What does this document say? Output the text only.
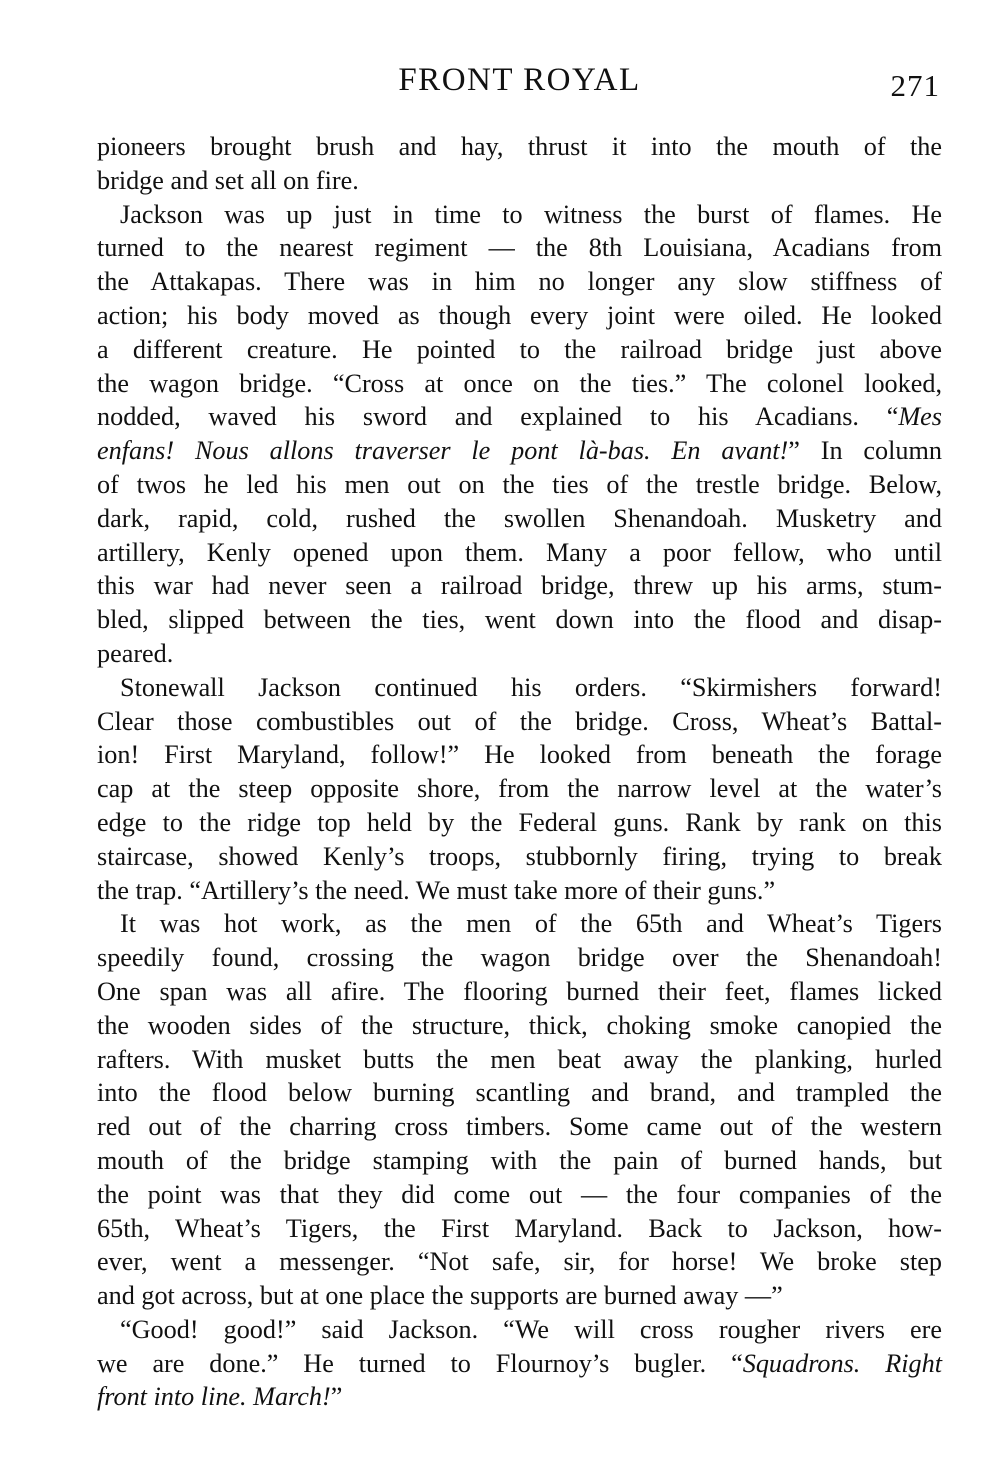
FRONT ROYAL	271

pioneers brought brush and hay, thrust it into the mouth of the
bridge and set all on fire.

Jackson was up just in time to witness the burst of flames. He
turned to the nearest regiment — the 8th Louisiana, Acadians from
the Attakapas. There was in him no longer any slow stiffness of
action; his body moved as though every joint were oiled. He looked
a different creature. He pointed to the railroad bridge just above
the wagon bridge. “Cross at once on the ties.” The colonel looked,
nodded, waved his sword and explained to his Acadians. “Mes
enfans! Nous allons traverser le pont là-bas. En avant!” In column
of twos he led his men out on the ties of the trestle bridge. Below,
dark, rapid, cold, rushed the swollen Shenandoah. Musketry and
artillery, Kenly opened upon them. Many a poor fellow, who until
this war had never seen a railroad bridge, threw up his arms, stum-
bled, slipped between the ties, went down into the flood and disap-
peared.

Stonewall Jackson continued his orders. “Skirmishers forward!
Clear those combustibles out of the bridge. Cross, Wheat’s Battal-
ion! First Maryland, follow!” He looked from beneath the forage
cap at the steep opposite shore, from the narrow level at the water’s
edge to the ridge top held by the Federal guns. Rank by rank on this
staircase, showed Kenly’s troops, stubbornly firing, trying to break
the trap. “Artillery’s the need. We must take more of their guns.”

It was hot work, as the men of the 65th and Wheat’s Tigers
speedily found, crossing the wagon bridge over the Shenandoah!
One span was all afire. The flooring burned their feet, flames licked
the wooden sides of the structure, thick, choking smoke canopied the
rafters. With musket butts the men beat away the planking, hurled
into the flood below burning scantling and brand, and trampled the
red out of the charring cross timbers. Some came out of the western
mouth of the bridge stamping with the pain of burned hands, but
the point was that they did come out — the four companies of the
65th, Wheat’s Tigers, the First Maryland. Back to Jackson, how-
ever, went a messenger. “Not safe, sir, for horse! We broke step
and got across, but at one place the supports are burned away —”

“Good! good!” said Jackson. “We will cross rougher rivers ere
we are done.” He turned to Flournoy’s bugler. “Squadrons. Right
front into line. March!”
